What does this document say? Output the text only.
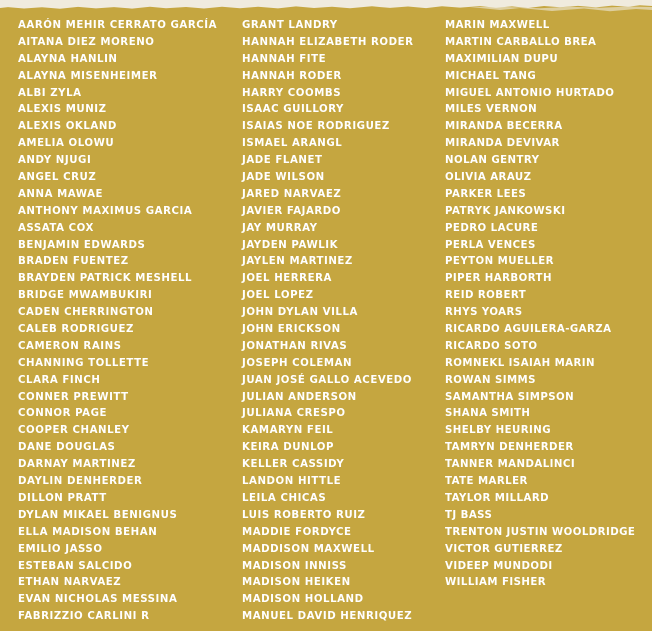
AARÓN MEHIR CERRATO GARCÍA
AITANA DIEZ MORENO
ALAYNA HANLIN
ALAYNA MISENHEIMER
ALBI ZYLA
ALEXIS MUNIZ
ALEXIS OKLAND
AMELIA OLOWU
ANDY NJUGI
ANGEL CRUZ
ANNA MAWAE
ANTHONY MAXIMUS GARCIA
ASSATA COX
BENJAMIN EDWARDS
BRADEN FUENTEZ
BRAYDEN PATRICK MESHELL
BRIDGE MWAMBUKIRI
CADEN CHERRINGTON
CALEB RODRIGUEZ
CAMERON RAINS
CHANNING TOLLETTE
CLARA FINCH
CONNER PREWITT
CONNOR PAGE
COOPER CHANLEY
DANE DOUGLAS
DARNAY MARTINEZ
DAYLIN DENHERDER
DILLON PRATT
DYLAN MIKAEL BENIGNUS
ELLA MADISON BEHAN
EMILIO JASSO
ESTEBAN SALCIDO
ETHAN NARVAEZ
EVAN NICHOLAS MESSINA
FABRIZZIO CARLINI R
GRANT LANDRY
HANNAH ELIZABETH RODER
HANNAH FITE
HANNAH RODER
HARRY COOMBS
ISAAC GUILLORY
ISAIAS NOE RODRIGUEZ
ISMAEL ARANGL
JADE FLANET
JADE WILSON
JARED NARVAEZ
JAVIER FAJARDO
JAY MURRAY
JAYDEN PAWLIK
JAYLEN MARTINEZ
JOEL HERRERA
JOEL LOPEZ
JOHN DYLAN VILLA
JOHN ERICKSON
JONATHAN RIVAS
JOSEPH COLEMAN
JUAN JOSÉ GALLO ACEVEDO
JULIAN ANDERSON
JULIANA CRESPO
KAMARYN FEIL
KEIRA DUNLOP
KELLER CASSIDY
LANDON HITTLE
LEILA CHICAS
LUIS ROBERTO RUIZ
MADDIE FORDYCE
MADDISON MAXWELL
MADISON INNISS
MADISON HEIKEN
MADISON HOLLAND
MANUEL DAVID HENRIQUEZ
MARIN MAXWELL
MARTIN CARBALLO BREA
MAXIMILIAN DUPU
MICHAEL TANG
MIGUEL ANTONIO HURTADO
MILES VERNON
MIRANDA BECERRA
MIRANDA DEVIVAR
NOLAN GENTRY
OLIVIA ARAUZ
PARKER LEES
PATRYK JANKOWSKI
PEDRO LACURE
PERLA VENCES
PEYTON MUELLER
PIPER HARBORTH
REID ROBERT
RHYS YOARS
RICARDO AGUILERA-GARZA
RICARDO SOTO
ROMNEKL ISAIAH MARIN
ROWAN SIMMS
SAMANTHA SIMPSON
SHANA SMITH
SHELBY HEURING
TAMRYN DENHERDER
TANNER MANDALINCI
TATE MARLER
TAYLOR MILLARD
TJ BASS
TRENTON JUSTIN WOOLDRIDGE
VICTOR GUTIERREZ
VIDEEP MUNDODI
WILLIAM FISHER
